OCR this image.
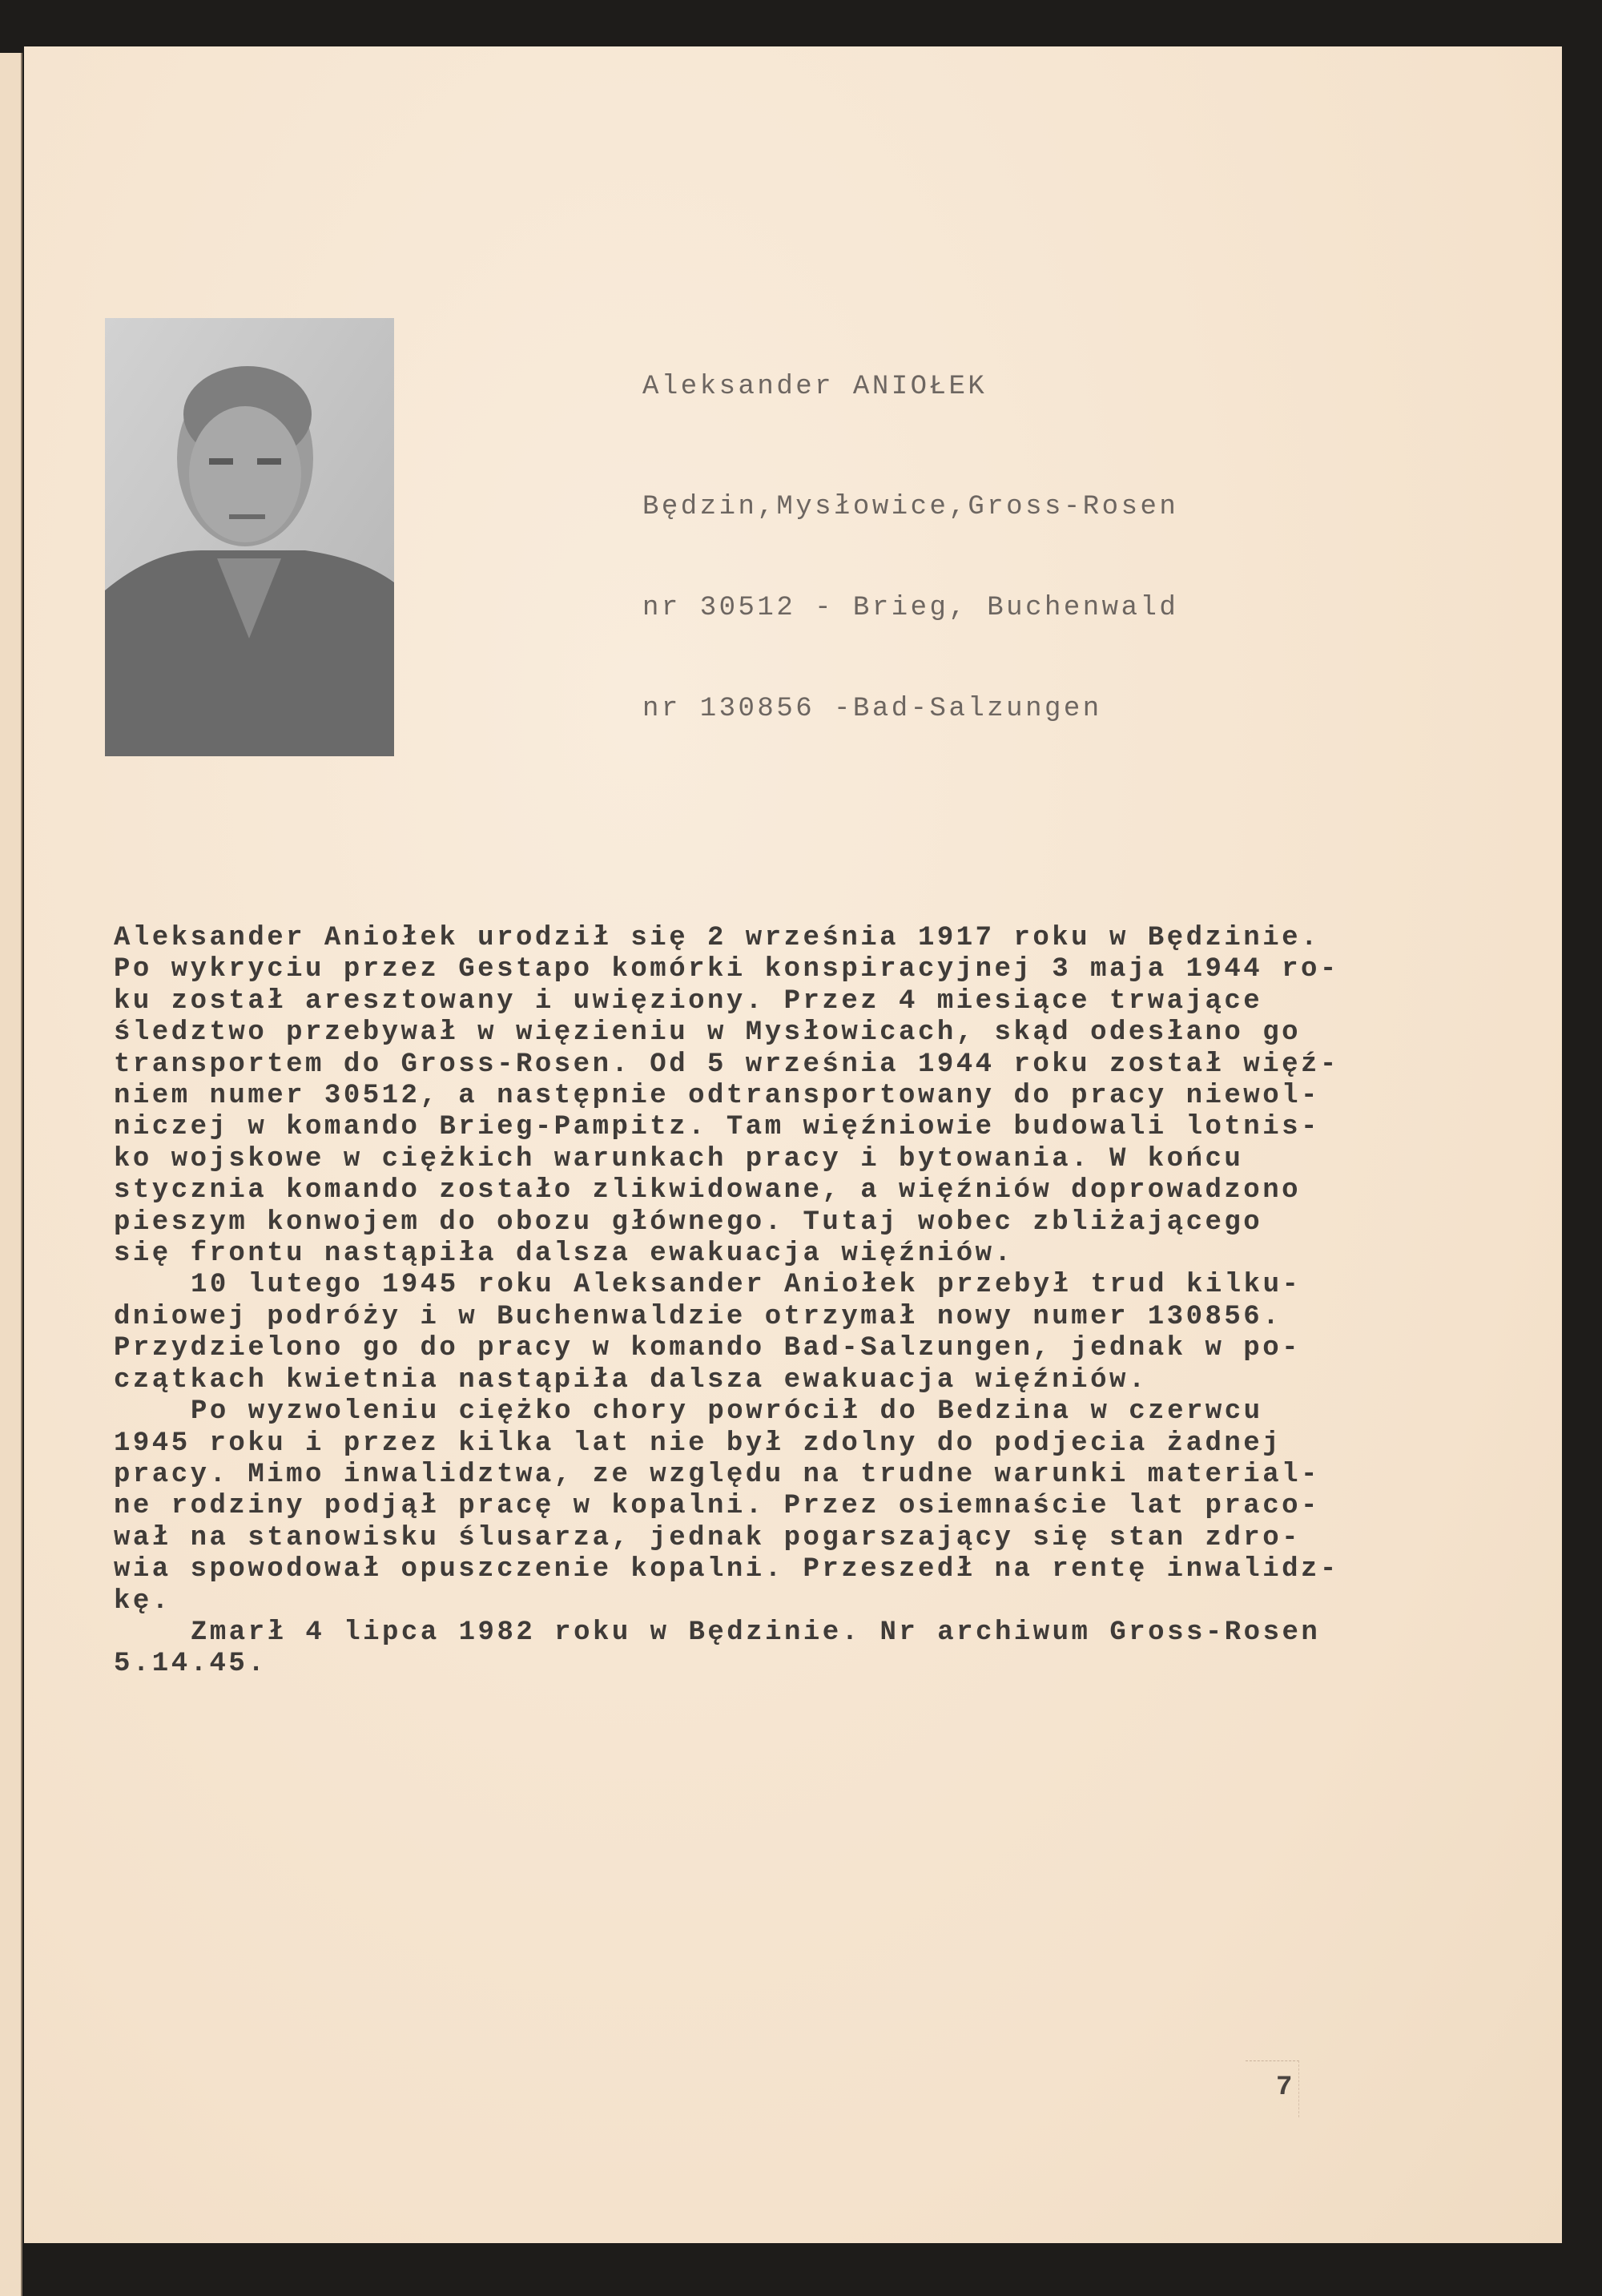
Aleksander ANIOŁEK

Będzin,Mysłowice,Gross-Rosen

nr 30512 - Brieg, Buchenwald

nr 130856 -Bad-Salzungen

Aleksander Aniołek urodził się 2 września 1917 roku w Będzinie.
Po wykryciu przez Gestapo komórki konspiracyjnej 3 maja 1944 ro-
ku został aresztowany i uwięziony. Przez 4 miesiące trwające
śledztwo przebywał w więzieniu w Mysłowicach, skąd odesłano go
transportem do Gross-Rosen. Od 5 września 1944 roku został więź-
niem numer 30512, a następnie odtransportowany do pracy niewol-
niczej w komando Brieg-Pampitz. Tam więźniowie budowali lotnis-
ko wojskowe w ciężkich warunkach pracy i bytowania. W końcu
stycznia komando zostało zlikwidowane, a więźniów doprowadzono
pieszym konwojem do obozu głównego. Tutaj wobec zbliżającego
się frontu nastąpiła dalsza ewakuacja więźniów.
10 lutego 1945 roku Aleksander Aniołek przebył trud kilku-
dniowej podróży i w Buchenwaldzie otrzymał nowy numer 130856.
Przydzielono go do pracy w komando Bad-Salzungen, jednak w po-
czątkach kwietnia nastąpiła dalsza ewakuacja więźniów.
Po wyzwoleniu ciężko chory powrócił do Bedzina w czerwcu
1945 roku i przez kilka lat nie był zdolny do podjecia żadnej
pracy. Mimo inwalidztwa, ze względu na trudne warunki material-
ne rodziny podjął pracę w kopalni. Przez osiemnaście lat praco-
wał na stanowisku ślusarza, jednak pogarszający się stan zdro-
wia spowodował opuszczenie kopalni. Przeszedł na rentę inwalidz-
kę.
Zmarł 4 lipca 1982 roku w Będzinie. Nr archiwum Gross-Rosen
5.14.45.
7
